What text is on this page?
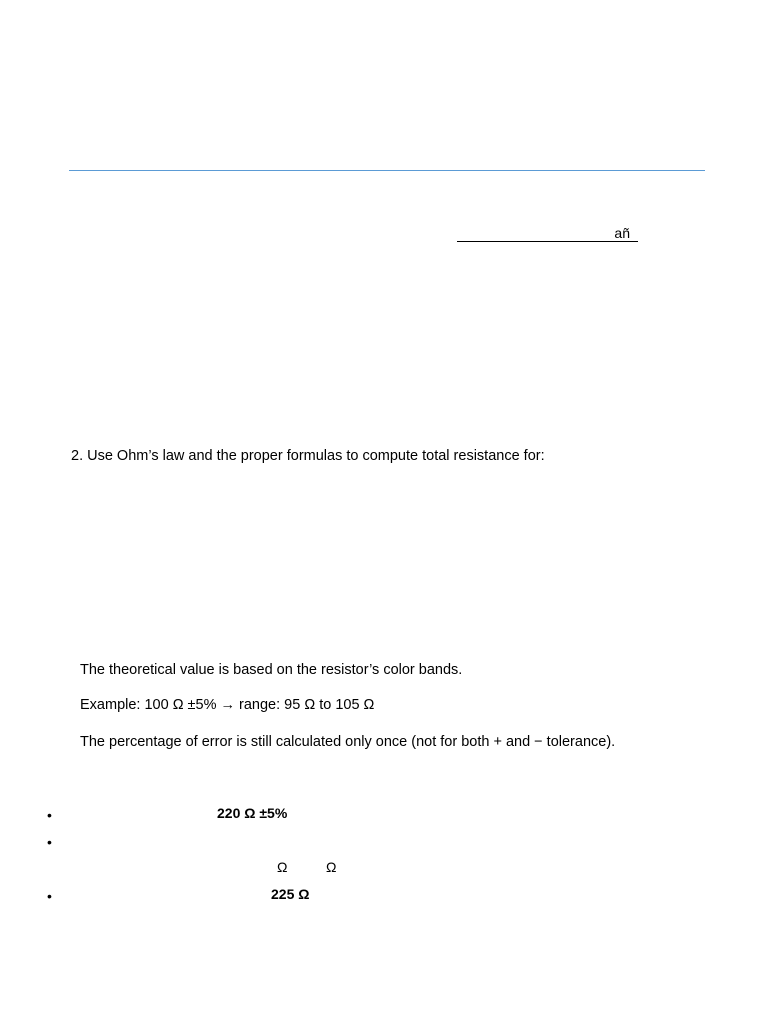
añ
2. Use Ohm’s law and the proper formulas to compute total resistance for:
The theoretical value is based on the resistor’s color bands.
Example: 100 Ω ±5% → range: 95 Ω to 105 Ω
The percentage of error is still calculated only once (not for both + and − tolerance).
•	220 Ω ±5%
•
Ω	Ω
•	225 Ω
